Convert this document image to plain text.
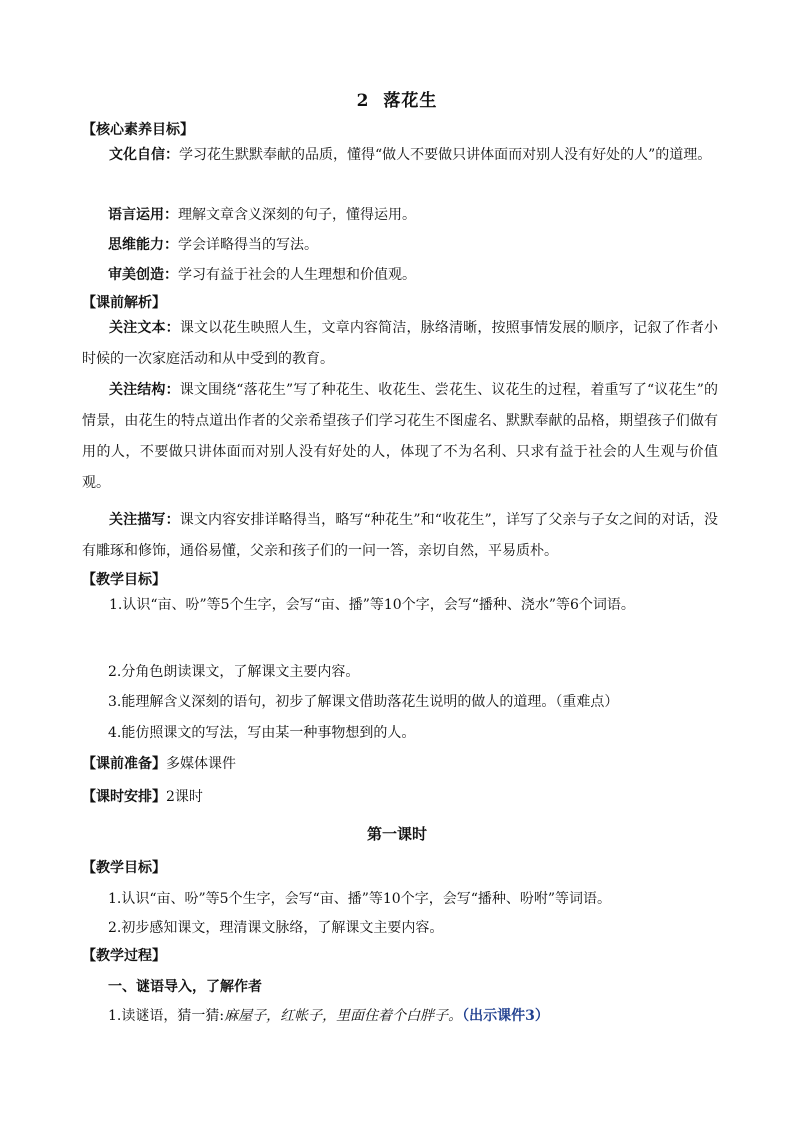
2 落花生
【核心素养目标】

文化自信：学习花生默默奉献的品质，懂得“做人不要做只讲体面而对别人没有好处的人”的道理。

语言运用：理解文章含义深刻的句子，懂得运用。
思维能力：学会详略得当的写法。
审美创造：学习有益于社会的人生理想和价值观。
【课前解析】

关注文本：课文以花生映照人生，文章内容简洁，脉络清晰，按照事情发展的顺序，记叙了作者小时候的一次家庭活动和从中受到的教育。

关注结构：课文围绕“落花生”写了种花生、收花生、尝花生、议花生的过程，着重写了“议花生”的情景，由花生的特点道出作者的父亲希望孩子们学习花生不图虚名、默默奉献的品格，期望孩子们做有用的人，不要做只讲体面而对别人没有好处的人，体现了不为名利、只求有益于社会的人生观与价值观。

关注描写：课文内容安排详略得当，略写“种花生”和“收花生”，详写了父亲与子女之间的对话，没有雕琢和修饰，通俗易懂，父亲和孩子们的一问一答，亲切自然，平易质朴。

【教学目标】

1.认识“亩、吩”等5个生字，会写“亩、播”等10个字，会写“播种、浇水”等6个词语。

2.分角色朗读课文，了解课文主要内容。
3.能理解含义深刻的语句，初步了解课文借助落花生说明的做人的道理。（重难点）
4.能仿照课文的写法，写由某一种事物想到的人。
【课前准备】多媒体课件
【课时安排】2课时
第一课时
【教学目标】
1.认识“亩、吩”等5个生字，会写“亩、播”等10个字，会写“播种、吩咐”等词语。
2.初步感知课文，理清课文脉络，了解课文主要内容。
【教学过程】
一、谜语导入，了解作者
1.读谜语，猜一猜:麻屋子，红帐子，里面住着个白胖子。（出示课件3）
